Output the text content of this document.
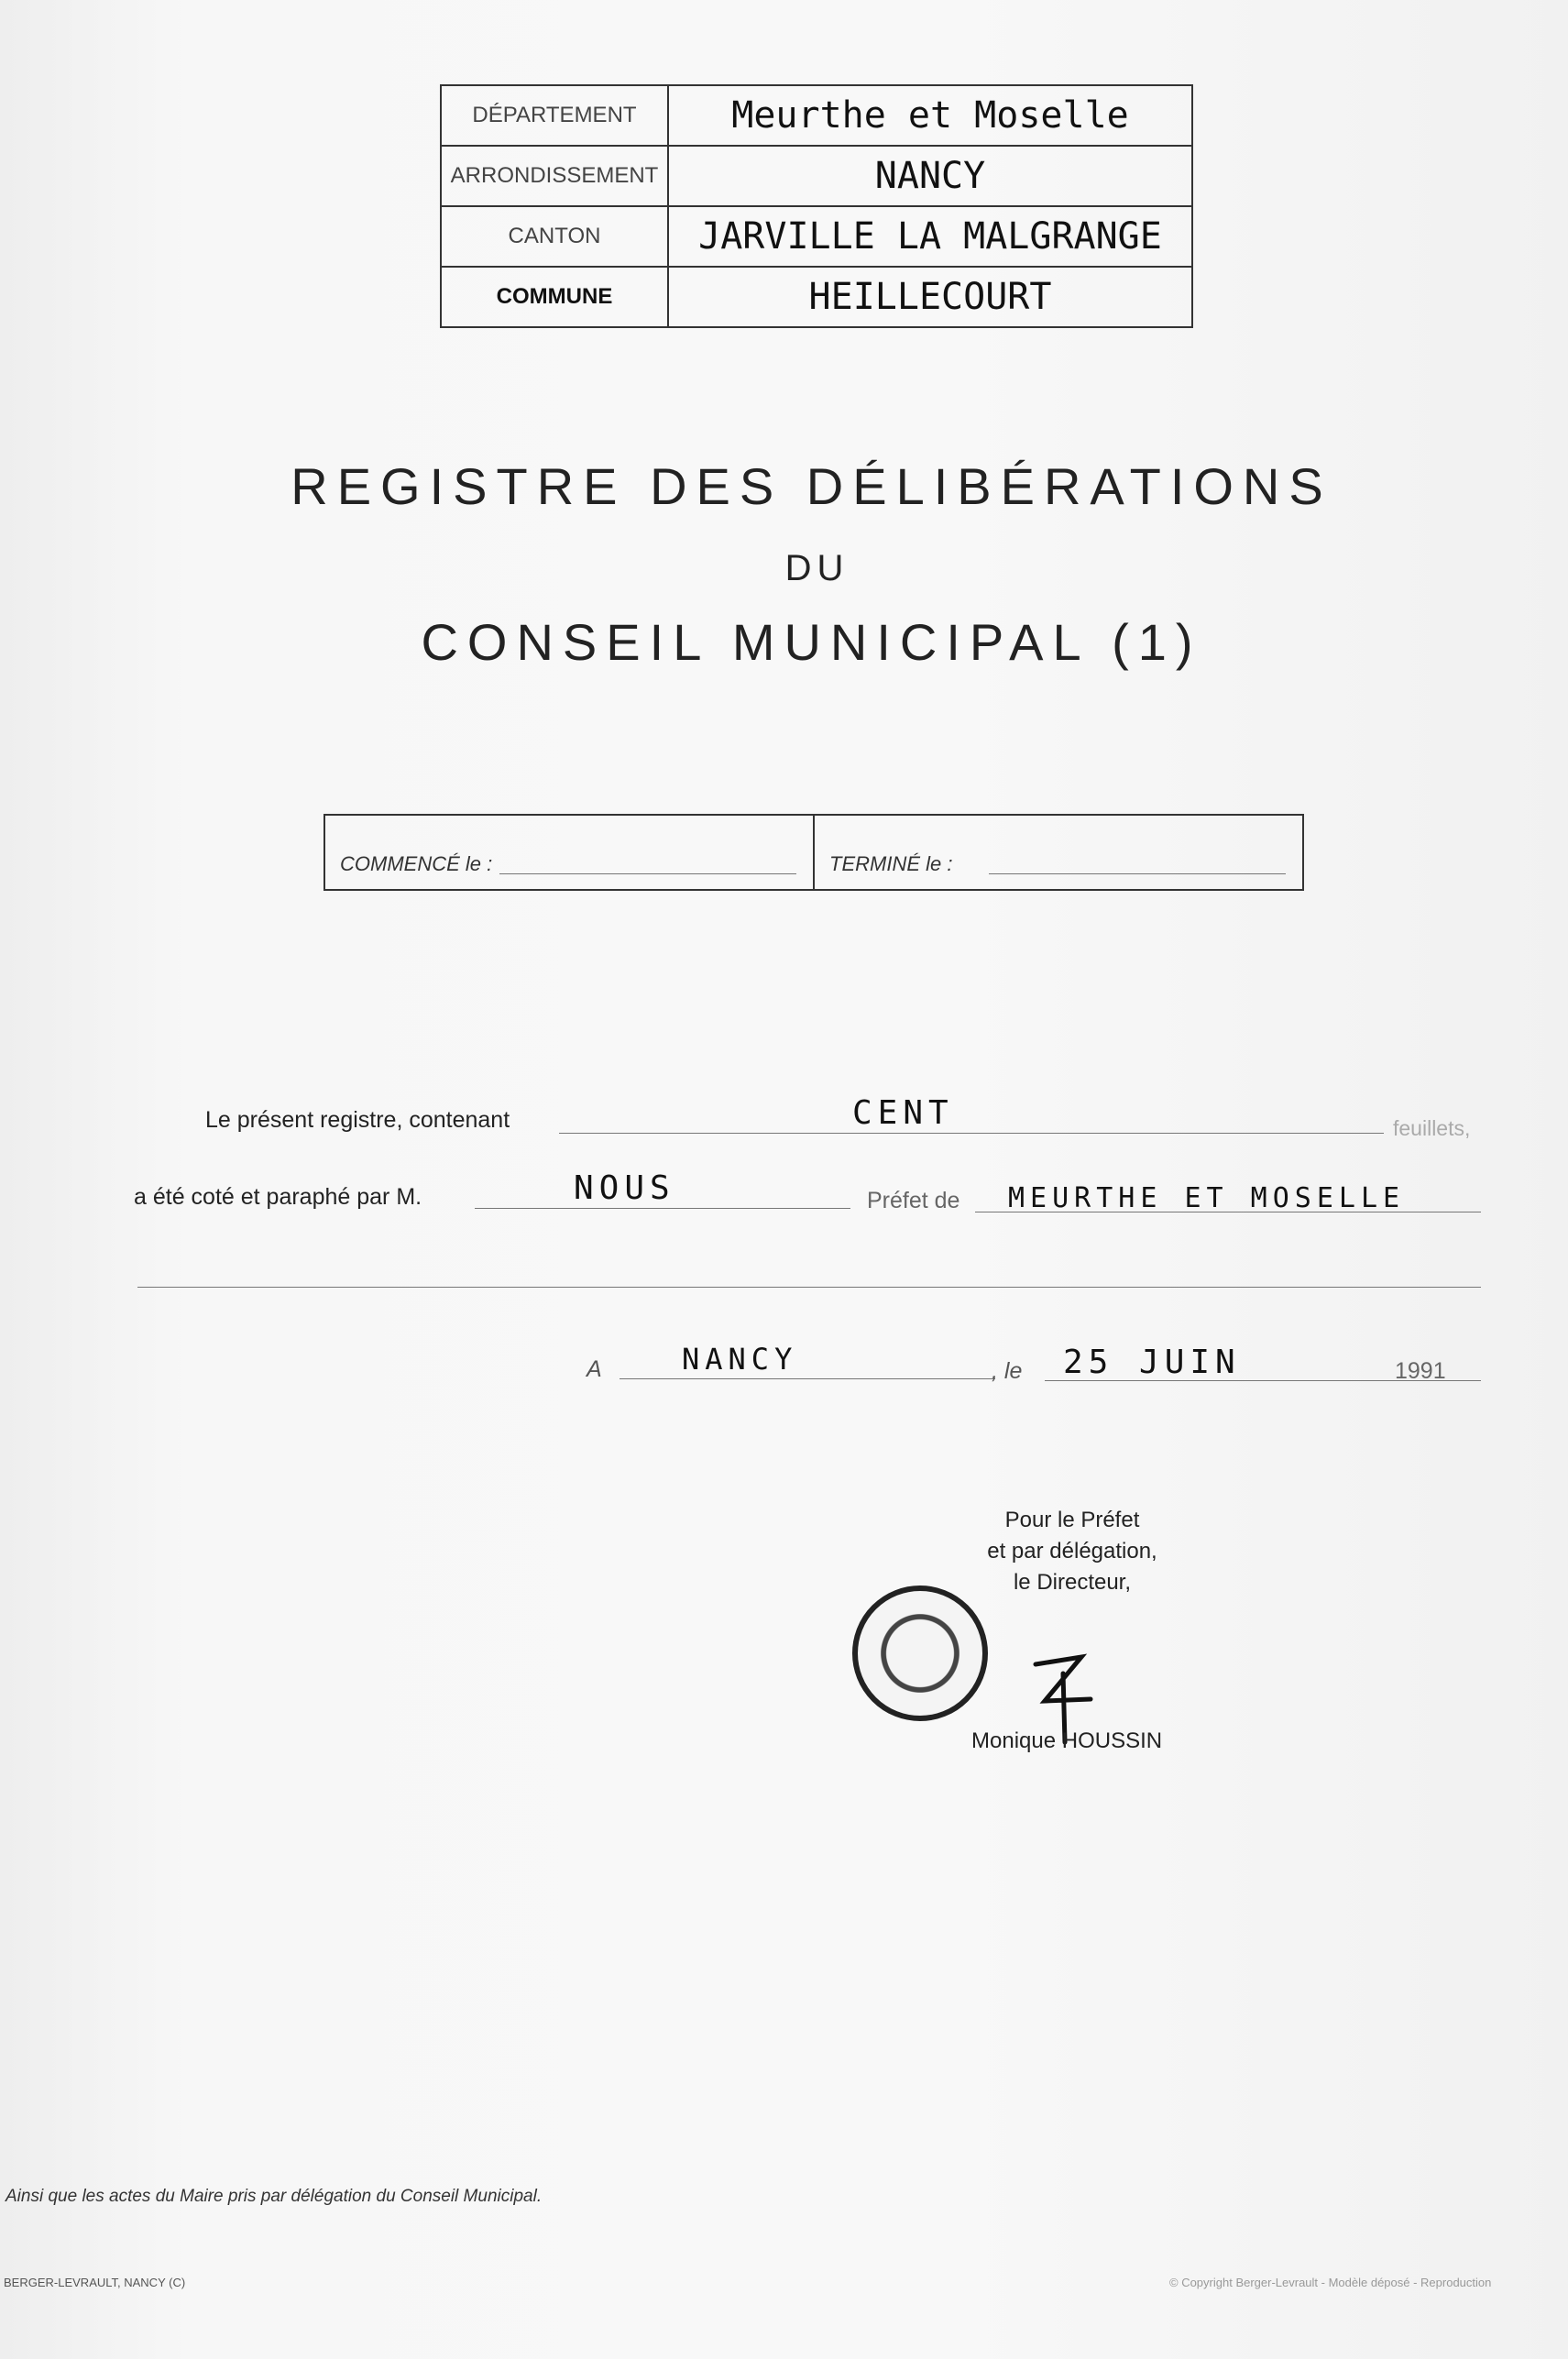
DÉPARTEMENT	Meurthe et Moselle
ARRONDISSEMENT	NANCY
CANTON	JARVILLE LA MALGRANGE
COMMUNE	HEILLECOURT
REGISTRE DES DÉLIBÉRATIONS
DU
CONSEIL MUNICIPAL (1)
COMMENCÉ le :	TERMINÉ le :
Le présent registre, contenant	CENT	feuillets,
a été coté et paraphé par M.	NOUS	Préfet de MEURTHE ET MOSELLE
A	NANCY	, le 25 JUIN	1991
Pour le Préfet
et par délégation,
le Directeur,
Monique HOUSSIN
Ainsi que les actes du Maire pris par délégation du Conseil Municipal.
BERGER-LEVRAULT, NANCY (C)	© Copyright Berger-Levrault - Modèle déposé - Reproduction
